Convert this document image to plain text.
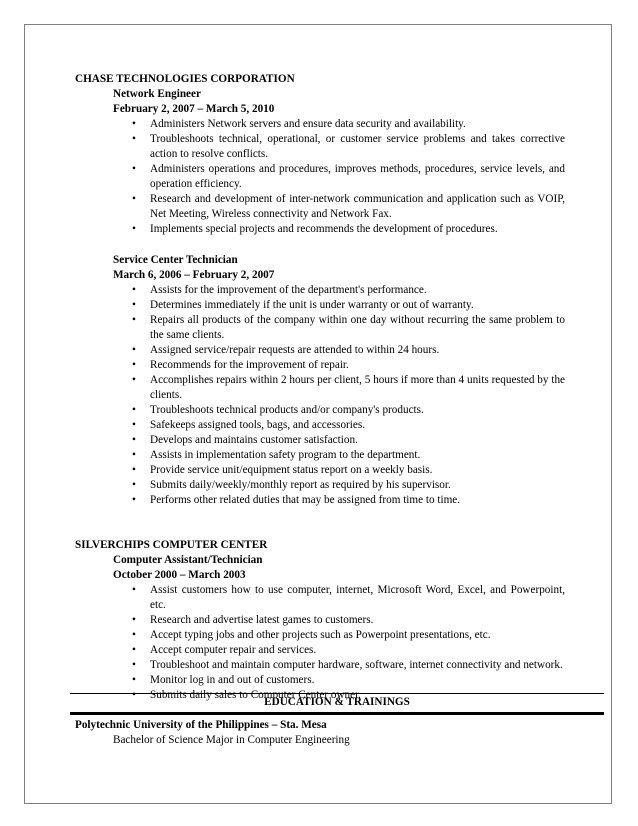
CHASE TECHNOLOGIES CORPORATION
Network Engineer
February 2, 2007 – March 5, 2010
• Administers Network servers and ensure data security and availability.
• Troubleshoots technical, operational, or customer service problems and takes corrective action to resolve conflicts.
• Administers operations and procedures, improves methods, procedures, service levels, and operation efficiency.
• Research and development of inter-network communication and application such as VOIP, Net Meeting, Wireless connectivity and Network Fax.
• Implements special projects and recommends the development of procedures.
Service Center Technician
March 6, 2006 – February 2, 2007
• Assists for the improvement of the department's performance.
• Determines immediately if the unit is under warranty or out of warranty.
• Repairs all products of the company within one day without recurring the same problem to the same clients.
• Assigned service/repair requests are attended to within 24 hours.
• Recommends for the improvement of repair.
• Accomplishes repairs within 2 hours per client, 5 hours if more than 4 units requested by the clients.
• Troubleshoots technical products and/or company's products.
• Safekeeps assigned tools, bags, and accessories.
• Develops and maintains customer satisfaction.
• Assists in implementation safety program to the department.
• Provide service unit/equipment status report on a weekly basis.
• Submits daily/weekly/monthly report as required by his supervisor.
• Performs other related duties that may be assigned from time to time.
SILVERCHIPS COMPUTER CENTER
Computer Assistant/Technician
October 2000 – March 2003
• Assist customers how to use computer, internet, Microsoft Word, Excel, and Powerpoint, etc.
• Research and advertise latest games to customers.
• Accept typing jobs and other projects such as Powerpoint presentations, etc.
• Accept computer repair and services.
• Troubleshoot and maintain computer hardware, software, internet connectivity and network.
• Monitor log in and out of customers.
• Submits daily sales to Computer Center owner.
EDUCATION & TRAININGS
Polytechnic University of the Philippines – Sta. Mesa
Bachelor of Science Major in Computer Engineering
